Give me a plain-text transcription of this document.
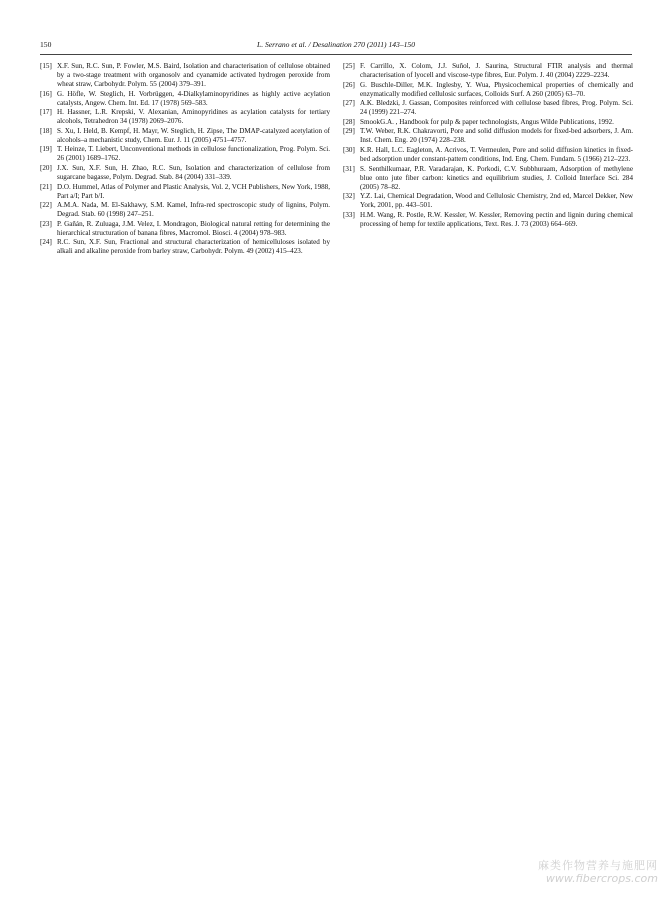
150	L. Serrano et al. / Desalination 270 (2011) 143–150
[15] X.F. Sun, R.C. Sun, P. Fowler, M.S. Baird, Isolation and characterisation of cellulose obtained by a two-stage treatment with organosolv and cyanamide activated hydrogen peroxide from wheat straw, Carbohydr. Polym. 55 (2004) 379–391.
[16] G. Höfle, W. Steglich, H. Vorbrüggen, 4-Dialkylaminopyridines as highly active acylation catalysts, Angew. Chem. Int. Ed. 17 (1978) 569–583.
[17] H. Hassner, L.R. Krepski, V. Alexanian, Aminopyridines as acylation catalysts for tertiary alcohols, Tetrahedron 34 (1978) 2069–2076.
[18] S. Xu, I. Held, B. Kempf, H. Mayr, W. Steglich, H. Zipse, The DMAP-catalyzed acetylation of alcohols–a mechanistic study, Chem. Eur. J. 11 (2005) 4751–4757.
[19] T. Heinze, T. Liebert, Unconventional methods in cellulose functionalization, Prog. Polym. Sci. 26 (2001) 1689–1762.
[20] J.X. Sun, X.F. Sun, H. Zhao, R.C. Sun, Isolation and characterization of cellulose from sugarcane bagasse, Polym. Degrad. Stab. 84 (2004) 331–339.
[21] D.O. Hummel, Atlas of Polymer and Plastic Analysis, Vol. 2, VCH Publishers, New York, 1988, Part a/I; Part b/I.
[22] A.M.A. Nada, M. El-Sakhawy, S.M. Kamel, Infra-red spectroscopic study of lignins, Polym. Degrad. Stab. 60 (1998) 247–251.
[23] P. Gañán, R. Zuluaga, J.M. Velez, I. Mondragon, Biological natural retting for determining the hierarchical structuration of banana fibres, Macromol. Biosci. 4 (2004) 978–983.
[24] R.C. Sun, X.F. Sun, Fractional and structural characterization of hemicelluloses isolated by alkali and alkaline peroxide from barley straw, Carbohydr. Polym. 49 (2002) 415–423.
[25] F. Carrillo, X. Colom, J.J. Suñol, J. Saurina, Structural FTIR analysis and thermal characterisation of lyocell and viscose-type fibres, Eur. Polym. J. 40 (2004) 2229–2234.
[26] G. Buschle-Diller, M.K. Inglesby, Y. Wua, Physicochemical properties of chemically and enzymatically modified cellulosic surfaces, Colloids Surf. A 260 (2005) 63–70.
[27] A.K. Bledzki, J. Gassan, Composites reinforced with cellulose based fibres, Prog. Polym. Sci. 24 (1999) 221–274.
[28] SmookG.A. , Handbook for pulp & paper technologists, Angus Wilde Publications, 1992.
[29] T.W. Weber, R.K. Chakravorti, Pore and solid diffusion models for fixed-bed adsorbers, J. Am. Inst. Chem. Eng. 20 (1974) 228–238.
[30] K.R. Hall, L.C. Eagleton, A. Acrivos, T. Vermeulen, Pore and solid diffusion kinetics in fixed-bed adsorption under constant-pattern conditions, Ind. Eng. Chem. Fundam. 5 (1966) 212–223.
[31] S. Senthilkumaar, P.R. Varadarajan, K. Porkodi, C.V. Subbhuraam, Adsorption of methylene blue onto jute fiber carbon: kinetics and equilibrium studies, J. Colloid Interface Sci. 284 (2005) 78–82.
[32] Y.Z. Lai, Chemical Degradation, Wood and Cellulosic Chemistry, 2nd ed, Marcel Dekker, New York, 2001, pp. 443–501.
[33] H.M. Wang, R. Postle, R.W. Kessler, W. Kessler, Removing pectin and lignin during chemical processing of hemp for textile applications, Text. Res. J. 73 (2003) 664–669.
麻类作物营养与施肥网
www.fibercrops.com
